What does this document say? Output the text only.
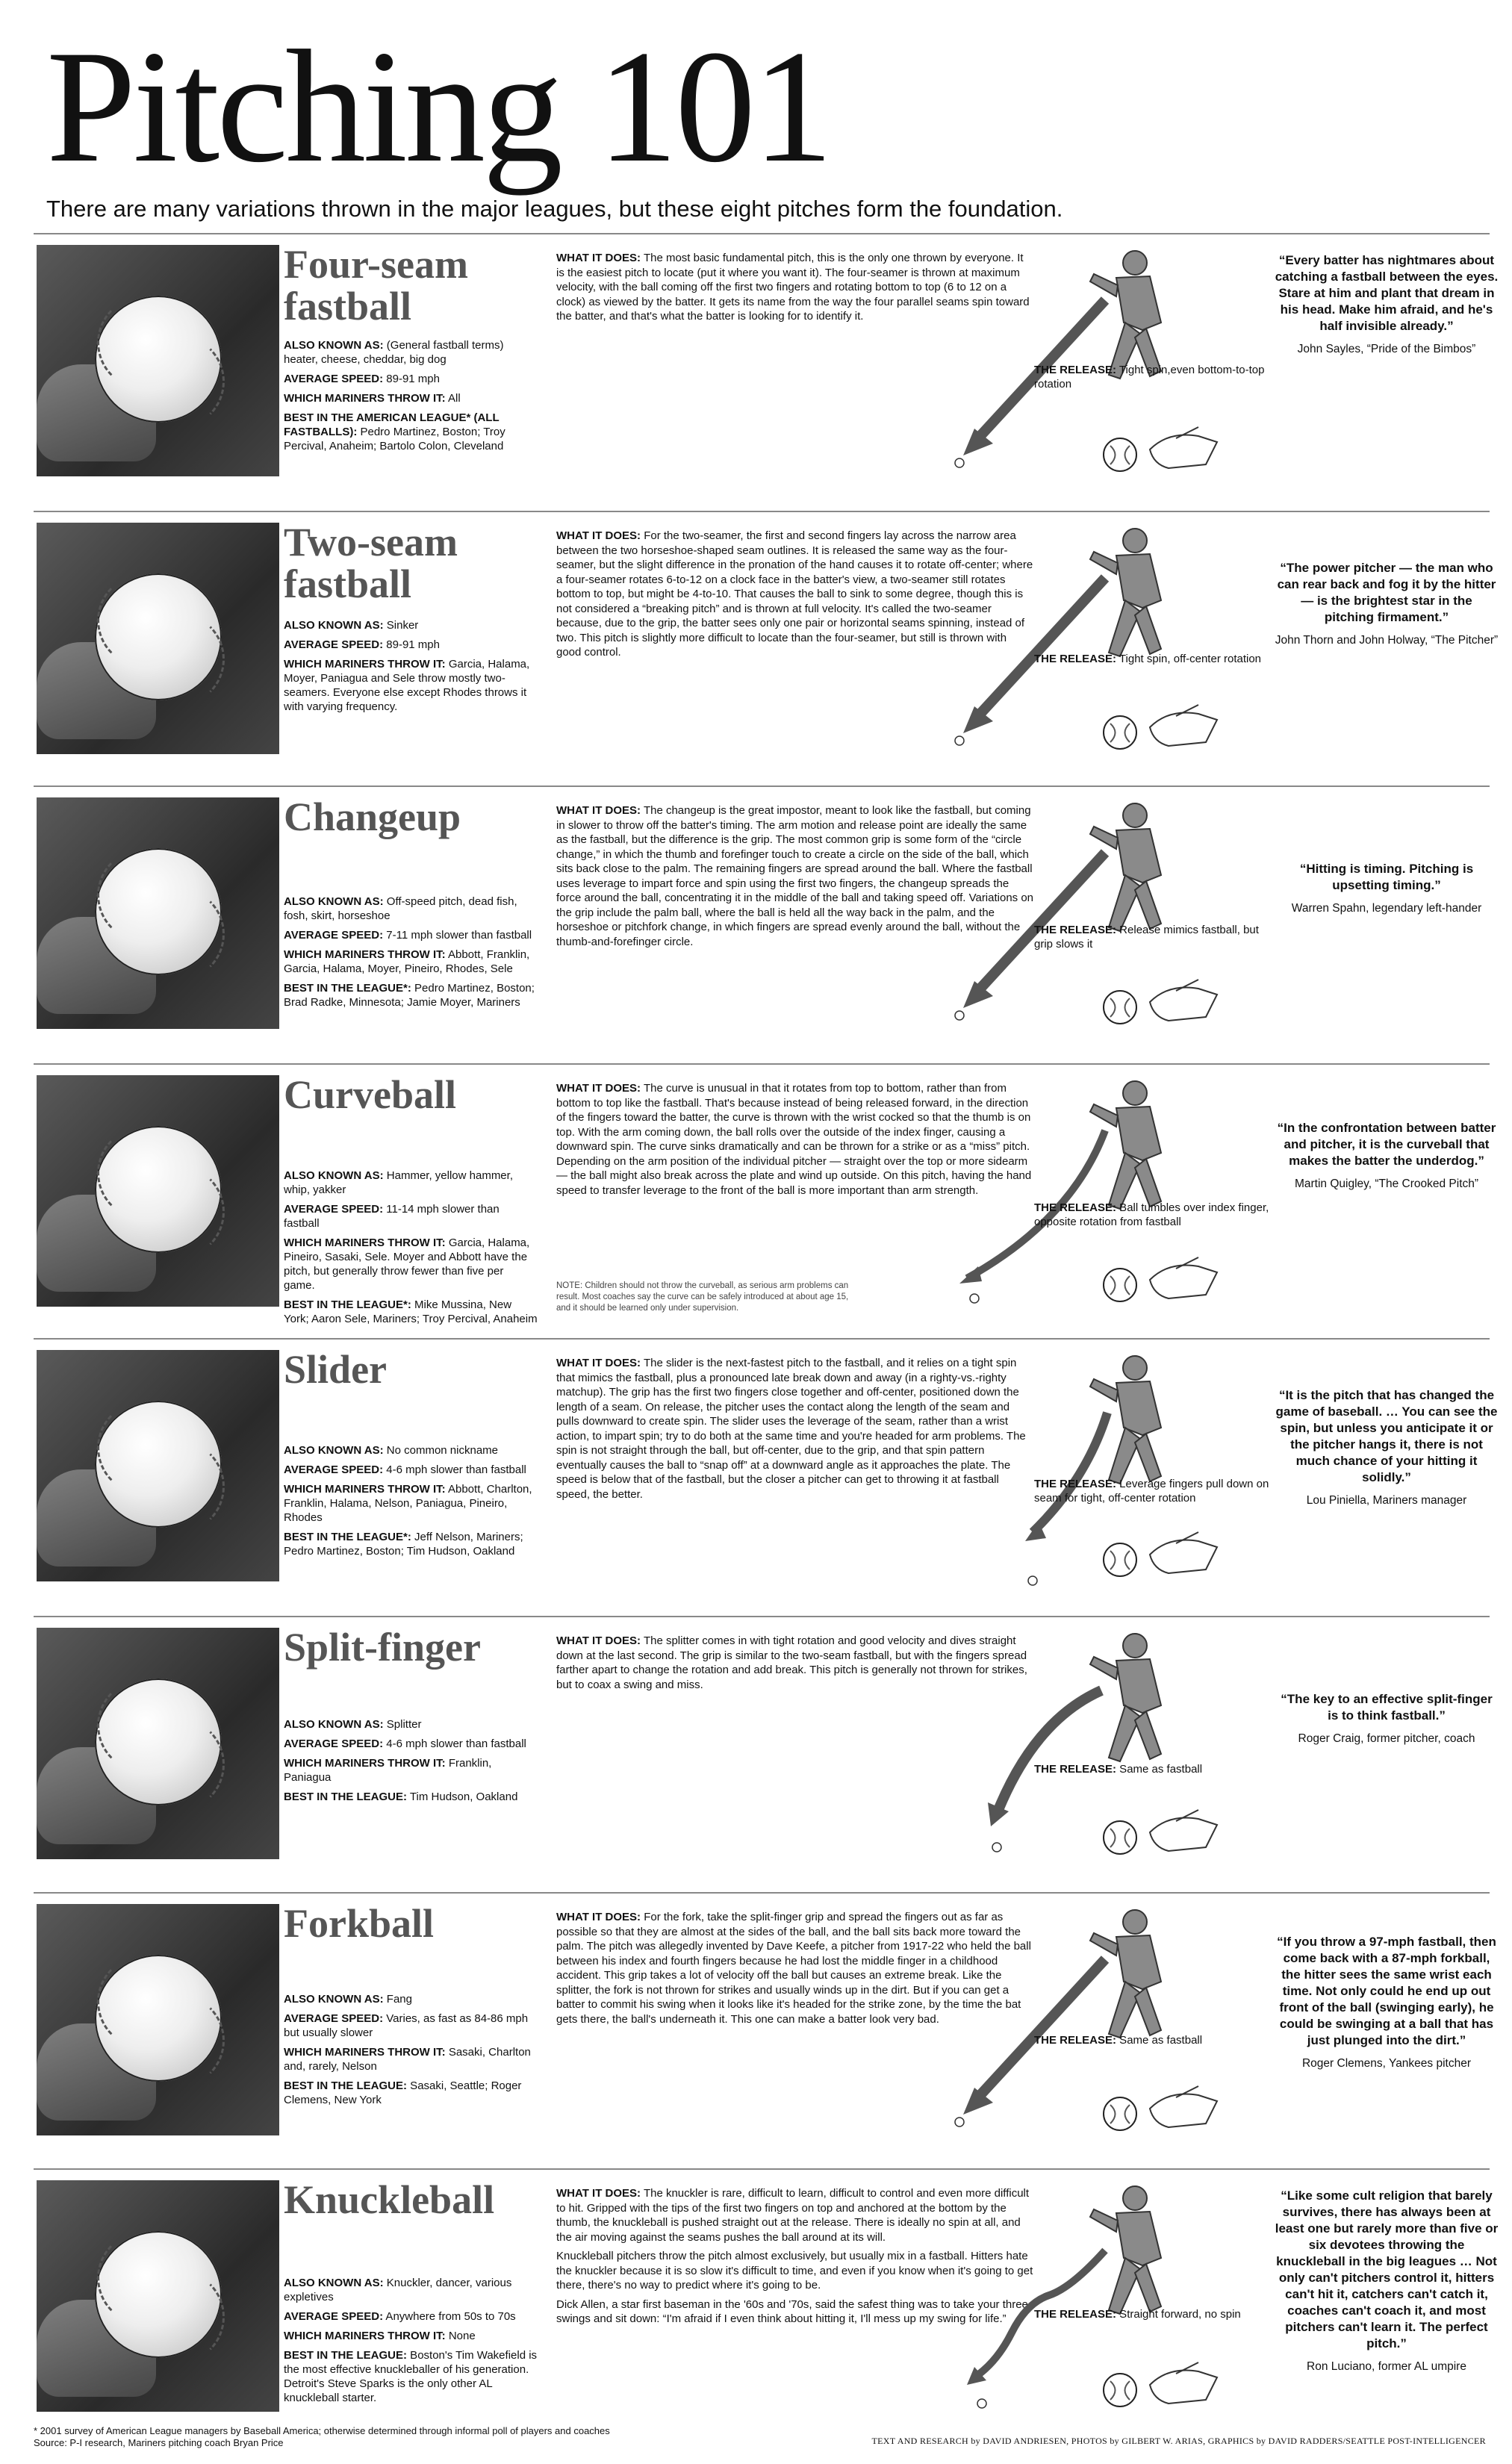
Pitching 101

There are many variations thrown in the major leagues, but these eight pitches form the foundation.

Four-seam fastball

ALSO KNOWN AS: (General fastball terms) heater, cheese, cheddar, big dog

AVERAGE SPEED: 89-91 mph

WHICH MARINERS THROW IT: All

BEST IN THE AMERICAN LEAGUE* (ALL FASTBALLS): Pedro Martinez, Boston; Troy Percival, Anaheim; Bartolo Colon, Cleveland

WHAT IT DOES: The most basic fundamental pitch, this is the only one thrown by everyone. It is the easiest pitch to locate (put it where you want it). The four-seamer is thrown at maximum velocity, with the ball coming off the first two fingers and rotating bottom to top (6 to 12 on a clock) as viewed by the batter. It gets its name from the way the four parallel seams spin toward the batter, and that's what the batter is looking for to identify it.

THE RELEASE: Tight spin,even bottom-to-top rotation

“Every batter has nightmares about catching a fastball between the eyes. Stare at him and plant that dream in his head. Make him afraid, and he's half invisible already.”

John Sayles, “Pride of the Bimbos”

Two-seam fastball

ALSO KNOWN AS: Sinker

AVERAGE SPEED: 89-91 mph

WHICH MARINERS THROW IT: Garcia, Halama, Moyer, Paniagua and Sele throw mostly two-seamers. Everyone else except Rhodes throws it with varying frequency.

WHAT IT DOES: For the two-seamer, the first and second fingers lay across the narrow area between the two horseshoe-shaped seam outlines. It is released the same way as the four-seamer, but the slight difference in the pronation of the hand causes it to rotate off-center; where a four-seamer rotates 6-to-12 on a clock face in the batter's view, a two-seamer still rotates bottom to top, but might be 4-to-10. That causes the ball to sink to some degree, though this is not considered a “breaking pitch” and is thrown at full velocity. It's called the two-seamer because, due to the grip, the batter sees only one pair or horizontal seams spinning, instead of two. This pitch is slightly more difficult to locate than the four-seamer, but still is thrown with good control.

THE RELEASE: Tight spin, off-center rotation

“The power pitcher — the man who can rear back and fog it by the hitter — is the brightest star in the pitching firmament.”

John Thorn and John Holway, “The Pitcher”

Changeup

ALSO KNOWN AS: Off-speed pitch, dead fish, fosh, skirt, horseshoe

AVERAGE SPEED: 7-11 mph slower than fastball

WHICH MARINERS THROW IT: Abbott, Franklin, Garcia, Halama, Moyer, Pineiro, Rhodes, Sele

BEST IN THE LEAGUE*: Pedro Martinez, Boston; Brad Radke, Minnesota; Jamie Moyer, Mariners

WHAT IT DOES: The changeup is the great impostor, meant to look like the fastball, but coming in slower to throw off the batter's timing. The arm motion and release point are ideally the same as the fastball, but the difference is the grip. The most common grip is some form of the “circle change,” in which the thumb and forefinger touch to create a circle on the side of the ball, which sits back close to the palm. The remaining fingers are spread around the ball. Where the fastball uses leverage to impart force and spin using the first two fingers, the changeup spreads the force around the ball, concentrating it in the middle of the ball and taking speed off. Variations on the grip include the palm ball, where the ball is held all the way back in the palm, and the horseshoe or pitchfork change, in which fingers are spread evenly around the ball, without the thumb-and-forefinger circle.

THE RELEASE: Release mimics fastball, but grip slows it

“Hitting is timing. Pitching is upsetting timing.”

Warren Spahn, legendary left-hander

Curveball

ALSO KNOWN AS: Hammer, yellow hammer, whip, yakker

AVERAGE SPEED: 11-14 mph slower than fastball

WHICH MARINERS THROW IT: Garcia, Halama, Pineiro, Sasaki, Sele. Moyer and Abbott have the pitch, but generally throw fewer than five per game.

BEST IN THE LEAGUE*: Mike Mussina, New York; Aaron Sele, Mariners; Troy Percival, Anaheim

WHAT IT DOES: The curve is unusual in that it rotates from top to bottom, rather than from bottom to top like the fastball. That's because instead of being released forward, in the direction of the fingers toward the batter, the curve is thrown with the wrist cocked so that the thumb is on top. With the arm coming down, the ball rolls over the outside of the index finger, causing a downward spin. The curve sinks dramatically and can be thrown for a strike or as a “miss” pitch. Depending on the arm position of the individual pitcher — straight over the top or more sidearm — the ball might also break across the plate and wind up outside. On this pitch, having the hand speed to transfer leverage to the front of the ball is more important than arm strength.

NOTE: Children should not throw the curveball, as serious arm problems can result. Most coaches say the curve can be safely introduced at about age 15, and it should be learned only under supervision.
THE RELEASE: Ball tumbles over index finger, opposite rotation from fastball

“In the confrontation between batter and pitcher, it is the curveball that makes the batter the underdog.”

Martin Quigley, “The Crooked Pitch”

Slider

ALSO KNOWN AS: No common nickname

AVERAGE SPEED: 4-6 mph slower than fastball

WHICH MARINERS THROW IT: Abbott, Charlton, Franklin, Halama, Nelson, Paniagua, Pineiro, Rhodes

BEST IN THE LEAGUE*: Jeff Nelson, Mariners; Pedro Martinez, Boston; Tim Hudson, Oakland

WHAT IT DOES: The slider is the next-fastest pitch to the fastball, and it relies on a tight spin that mimics the fastball, plus a pronounced late break down and away (in a righty-vs.-righty matchup). The grip has the first two fingers close together and off-center, positioned down the length of a seam. On release, the pitcher uses the contact along the length of the seam and pulls downward to create spin. The slider uses the leverage of the seam, rather than a wrist action, to impart spin; try to do both at the same time and you're headed for arm problems. The spin is not straight through the ball, but off-center, due to the grip, and that spin pattern eventually causes the ball to “snap off” at a downward angle as it approaches the plate. The speed is below that of the fastball, but the closer a pitcher can get to throwing it at fastball speed, the better.

THE RELEASE: Leverage fingers pull down on seam for tight, off-center rotation

“It is the pitch that has changed the game of baseball. … You can see the spin, but unless you anticipate it or the pitcher hangs it, there is not much chance of your hitting it solidly.”

Lou Piniella, Mariners manager

Split-finger

ALSO KNOWN AS: Splitter

AVERAGE SPEED: 4-6 mph slower than fastball

WHICH MARINERS THROW IT: Franklin, Paniagua

BEST IN THE LEAGUE: Tim Hudson, Oakland

WHAT IT DOES: The splitter comes in with tight rotation and good velocity and dives straight down at the last second. The grip is similar to the two-seam fastball, but with the fingers spread farther apart to change the rotation and add break. This pitch is generally not thrown for strikes, but to coax a swing and miss.

THE RELEASE: Same as fastball

“The key to an effective split-finger is to think fastball.”

Roger Craig, former pitcher, coach

Forkball

ALSO KNOWN AS: Fang

AVERAGE SPEED: Varies, as fast as 84-86 mph but usually slower

WHICH MARINERS THROW IT: Sasaki, Charlton and, rarely, Nelson

BEST IN THE LEAGUE: Sasaki, Seattle; Roger Clemens, New York

WHAT IT DOES: For the fork, take the split-finger grip and spread the fingers out as far as possible so that they are almost at the sides of the ball, and the ball sits back more toward the palm. The pitch was allegedly invented by Dave Keefe, a pitcher from 1917-22 who held the ball between his index and fourth fingers because he had lost the middle finger in a childhood accident. This grip takes a lot of velocity off the ball but causes an extreme break. Like the splitter, the fork is not thrown for strikes and usually winds up in the dirt. But if you can get a batter to commit his swing when it looks like it's headed for the strike zone, by the time the bat gets there, the ball's underneath it. This one can make a batter look very bad.

THE RELEASE: Same as fastball

“If you throw a 97-mph fastball, then come back with a 87-mph forkball, the hitter sees the same wrist each time. Not only could he end up out front of the ball (swinging early), he could be swinging at a ball that has just plunged into the dirt.”

Roger Clemens, Yankees pitcher

Knuckleball

ALSO KNOWN AS: Knuckler, dancer, various expletives

AVERAGE SPEED: Anywhere from 50s to 70s

WHICH MARINERS THROW IT: None

BEST IN THE LEAGUE: Boston's Tim Wakefield is the most effective knuckleballer of his generation. Detroit's Steve Sparks is the only other AL knuckleball starter.

WHAT IT DOES: The knuckler is rare, difficult to learn, difficult to control and even more difficult to hit. Gripped with the tips of the first two fingers on top and anchored at the bottom by the thumb, the knuckleball is pushed straight out at the release. There is ideally no spin at all, and the air moving against the seams pushes the ball around at its will.

Knuckleball pitchers throw the pitch almost exclusively, but usually mix in a fastball. Hitters hate the knuckler because it is so slow it's difficult to time, and even if you know when it's going to get there, there's no way to predict where it's going to be.

Dick Allen, a star first baseman in the '60s and '70s, said the safest thing was to take your three swings and sit down: “I'm afraid if I even think about hitting it, I'll mess up my swing for life.”	THE RELEASE: Straight forward, no spin

“Like some cult religion that barely survives, there has always been at least one but rarely more than five or six devotees throwing the knuckleball in the big leagues … Not only can't pitchers control it, hitters can't hit it, catchers can't catch it, coaches can't coach it, and most pitchers can't learn it. The perfect pitch.”

Ron Luciano, former AL umpire

* 2001 survey of American League managers by Baseball America; otherwise determined through informal poll of players and coaches

Source: P-I research, Mariners pitching coach Bryan Price	TEXT AND RESEARCH by DAVID ANDRIESEN, PHOTOS by GILBERT W. ARIAS, GRAPHICS by DAVID RADDERS/SEATTLE POST-INTELLIGENCER
